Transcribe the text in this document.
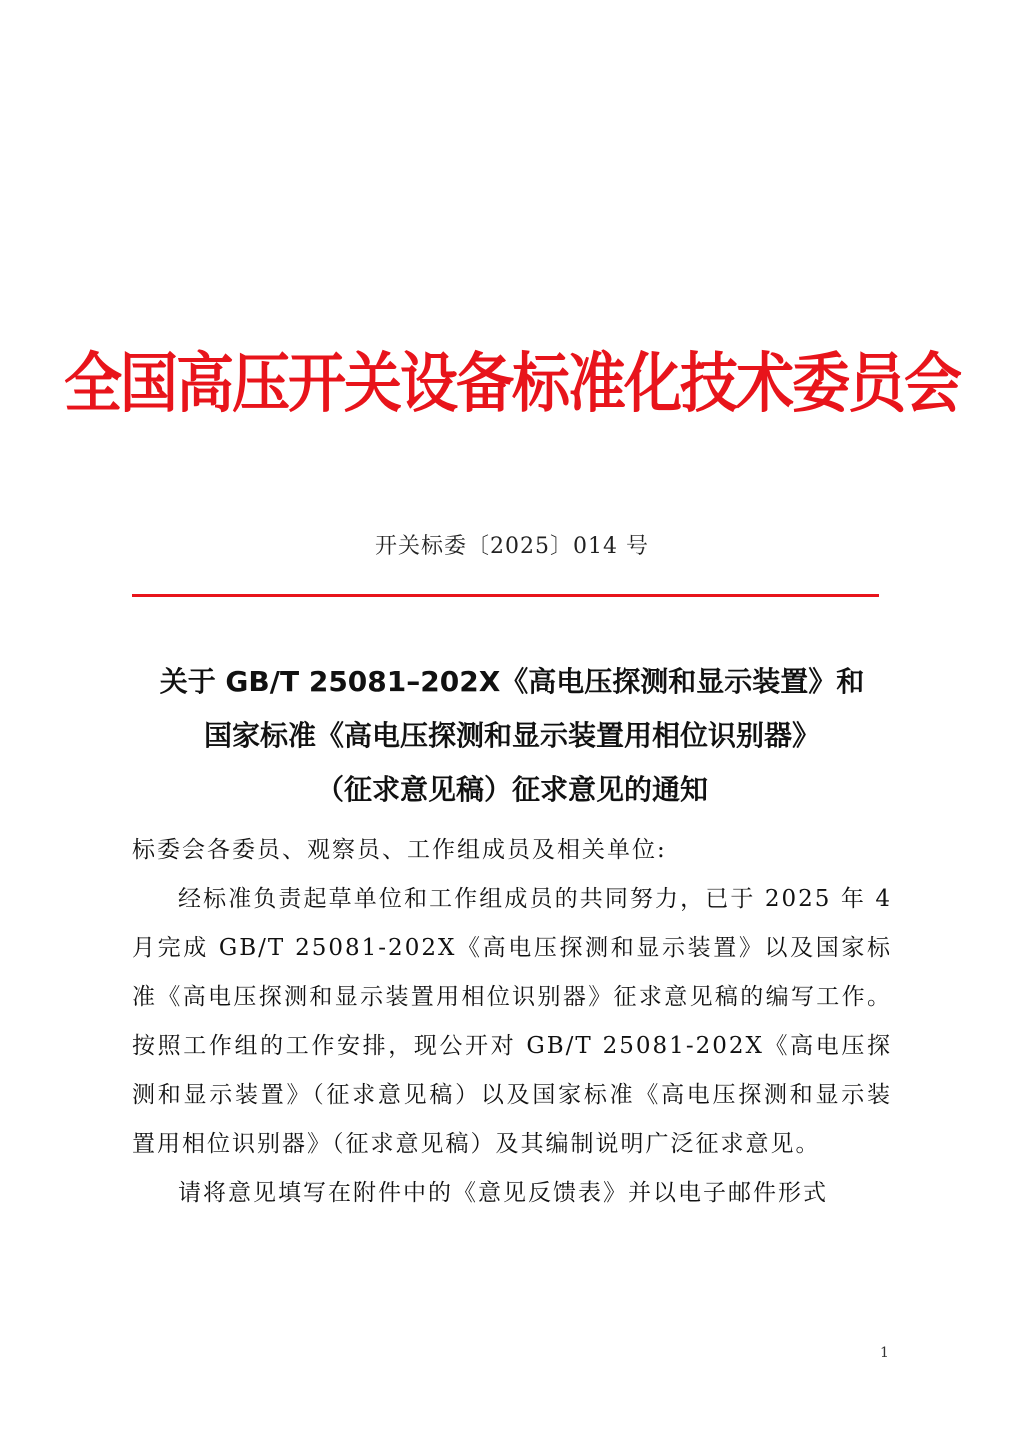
全国高压开关设备标准化技术委员会
开关标委〔2025〕014 号
关于 GB/T 25081–202X《高电压探测和显示装置》和
国家标准《高电压探测和显示装置用相位识别器》
（征求意见稿）征求意见的通知

标委会各委员、观察员、工作组成员及相关单位:

经标准负责起草单位和工作组成员的共同努力，已于 2025 年 4 月完成 GB/T 25081-202X《高电压探测和显示装置》以及国家标准《高电压探测和显示装置用相位识别器》征求意见稿的编写工作。按照工作组的工作安排，现公开对 GB/T 25081-202X《高电压探测和显示装置》（征求意见稿）以及国家标准《高电压探测和显示装置用相位识别器》（征求意见稿）及其编制说明广泛征求意见。

请将意见填写在附件中的《意见反馈表》并以电子邮件形式

1
